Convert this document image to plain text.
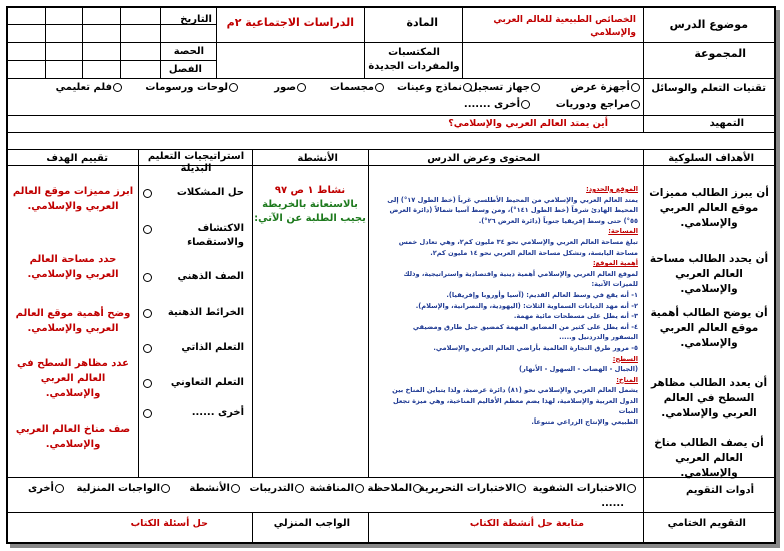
موضوع الدرس
المجموعة
الخصائص الطبيعية للعالم العربي والإسلامي
المادة
الدراسات الاجتماعية ٢م
المكتسبات والمفردات الجديدة
التاريخ
الحصة
الفصل
تقنيات التعلم والوسائل
أجهزة عرض
جهاز تسجيل
نماذج وعينات
مجسمات
صور
لوحات ورسومات
فلم تعليمي
مراجع ودوريات
أخرى .......
التمهيد
أين يمتد العالم العربي والإسلامي؟
الأهداف السلوكية
المحتوى وعرض الدرس
الأنشطة
استراتيجيات التعليم البديلة
تقييم الهدف
أن يبرز الطالب مميزات موقع العالم العربي والإسلامي.
أن يحدد الطالب مساحة العالم العربي والإسلامي.
أن يوضح الطالب أهمية موقع العالم العربي والإسلامي.
أن يعدد الطالب مظاهر السطح في العالم العربي والإسلامي.
أن يصف الطالب مناخ العالم العربي والإسلامي.

الموقع والحدود:

يمتد العالم العربي والإسلامي من المحيط الأطلسي غرباً (خط الطول ١٧°) إلى

المحيط الهادئ شرقاً (خط الطول ١٤١°)، ومن وسط آسيا شمالاً (دائرة العرض

٥٥°) حتى وسط إفريقيا جنوباً (دائرة العرض ٢٦°).

المساحة:

تبلغ مساحة العالم العربي والإسلامي نحو ٣٤ مليون كم٢، وهي تعادل خمس

مساحة اليابسة، وتشكل مساحة العالم العربي نحو ١٤ مليون كم٢.

أهمية الموقع:

لموقع العالم العربي والإسلامي أهمية دينية واقتصادية واستراتيجية، وذلك

للميزات الآتية:

١- أنه يقع في وسط العالم القديم: (آسيا وأوروبا وإفريقيا).

٢- أنه مهد الديانات السماوية الثلاث: (اليهودية، والنصرانية، والإسلام).

٣- أنه يطل على مسطحات مائية مهمة.

٤- أنه يطل على كثير من المضايق المهمة كمضيق جبل طارق ومضيقي

البسفور والدردنيل و.....

٥- مرور طرق التجارة العالمية بأراضي العالم العربي والإسلامي.

السطح:

(الجبال - الهضاب - السهول - الأنهار)

المناخ:

يشمل العالم العربي والإسلامي نحو (٨١) دائرة عرضية، ولذا يتباين المناخ بين

الدول العربية والإسلامية، لهذا يضم معظم الأقاليم المناخية، وهي ميزة تجعل النبات

الطبيعي والإنتاج الزراعي متنوعاً.

نشاط ١ ص ٩٧
بالاستعانة بالخريطة
يجيب الطلبة عن الآتي:
حل المشكلات
الاكتشاف والاستقصاء
الصف الذهني
الخرائط الذهنية
التعلم الذاتي
التعلم التعاوني
أخرى ......
ابرز مميزات موقع العالم العربي والإسلامي.
حدد مساحة العالم العربي والإسلامي.
وضح أهمية موقع العالم العربي والإسلامي.
عدد مظاهر السطح في العالم العربي والإسلامي.
صف مناخ العالم العربي والإسلامي.
أدوات التقويم
الاختبارات الشفوية
الاختبارات التحريرية
الملاحظة
المناقشة
التدريبات
الأنشطة
الواجبات المنزلية
أخرى
......
التقويم الختامي
متابعة حل أنشطة الكتاب
الواجب المنزلي
حل أسئلة الكتاب
